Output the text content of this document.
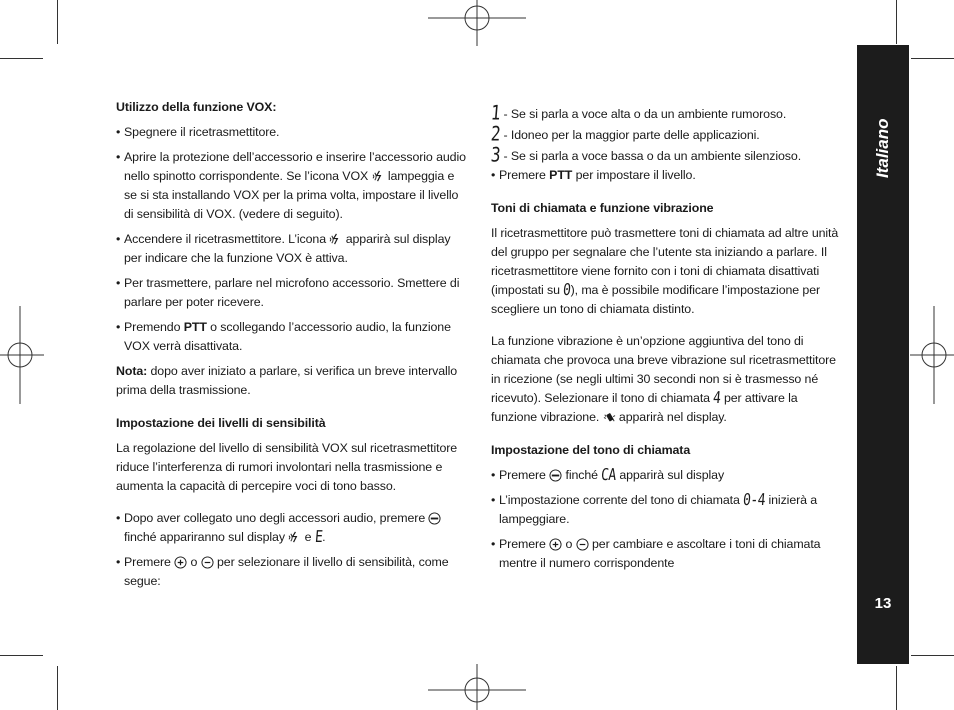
Utilizzo della funzione VOX:

• Spegnere il ricetrasmettitore.

• Aprire la protezione dell’accessorio e inserire l’accessorio audio nello spinotto corrispondente. Se l’icona VOX lampeggia e se si sta installando VOX per la prima volta, impostare il livello di sensibilità di VOX. (vedere di seguito).

• Accendere il ricetrasmettitore. L’icona apparirà sul display per indicare che la funzione VOX è attiva.

• Per trasmettere, parlare nel microfono accessorio. Smettere di parlare per poter ricevere.

• Premendo PTT o scollegando l’accessorio audio, la funzione VOX verrà disattivata.

Nota: dopo aver iniziato a parlare, si verifica un breve intervallo prima della trasmissione.

Impostazione dei livelli di sensibilità

La regolazione del livello di sensibilità VOX sul ricetrasmettitore riduce l’interferenza di rumori involontari nella trasmissione e aumenta la capacità di percepire voci di tono basso.

• Dopo aver collegato uno degli accessori audio, premere  finché appariranno sul display e E.

• Premere o per selezionare il livello di sensibilità, come segue:

1 - Se si parla a voce alta o da un ambiente rumoroso.

2 - Idoneo per la maggior parte delle applicazioni.

3 - Se si parla a voce bassa o da un ambiente silenzioso.

• Premere PTT per impostare il livello.

Toni di chiamata e funzione vibrazione

Il ricetrasmettitore può trasmettere toni di chiamata ad altre unità del gruppo per segnalare che l’utente sta iniziando a parlare. Il ricetrasmettitore viene fornito con i toni di chiamata disattivati (impostati su 0), ma è possibile modificare l’impostazione per scegliere un tono di chiamata distinto.

La funzione vibrazione è un’opzione aggiuntiva del tono di chiamata che provoca una breve vibrazione sul ricetrasmettitore in ricezione (se negli ultimi 30 secondi non si è trasmesso né ricevuto). Selezionare il tono di chiamata 4 per attivare la funzione vibrazione. apparirà nel display.

Impostazione del tono di chiamata

• Premere finché CA apparirà sul display

• L’impostazione corrente del tono di chiamata 0-4 inizierà a lampeggiare.

• Premere o per cambiare e ascoltare i toni di chiamata mentre il numero corrispondente

Italiano
13
